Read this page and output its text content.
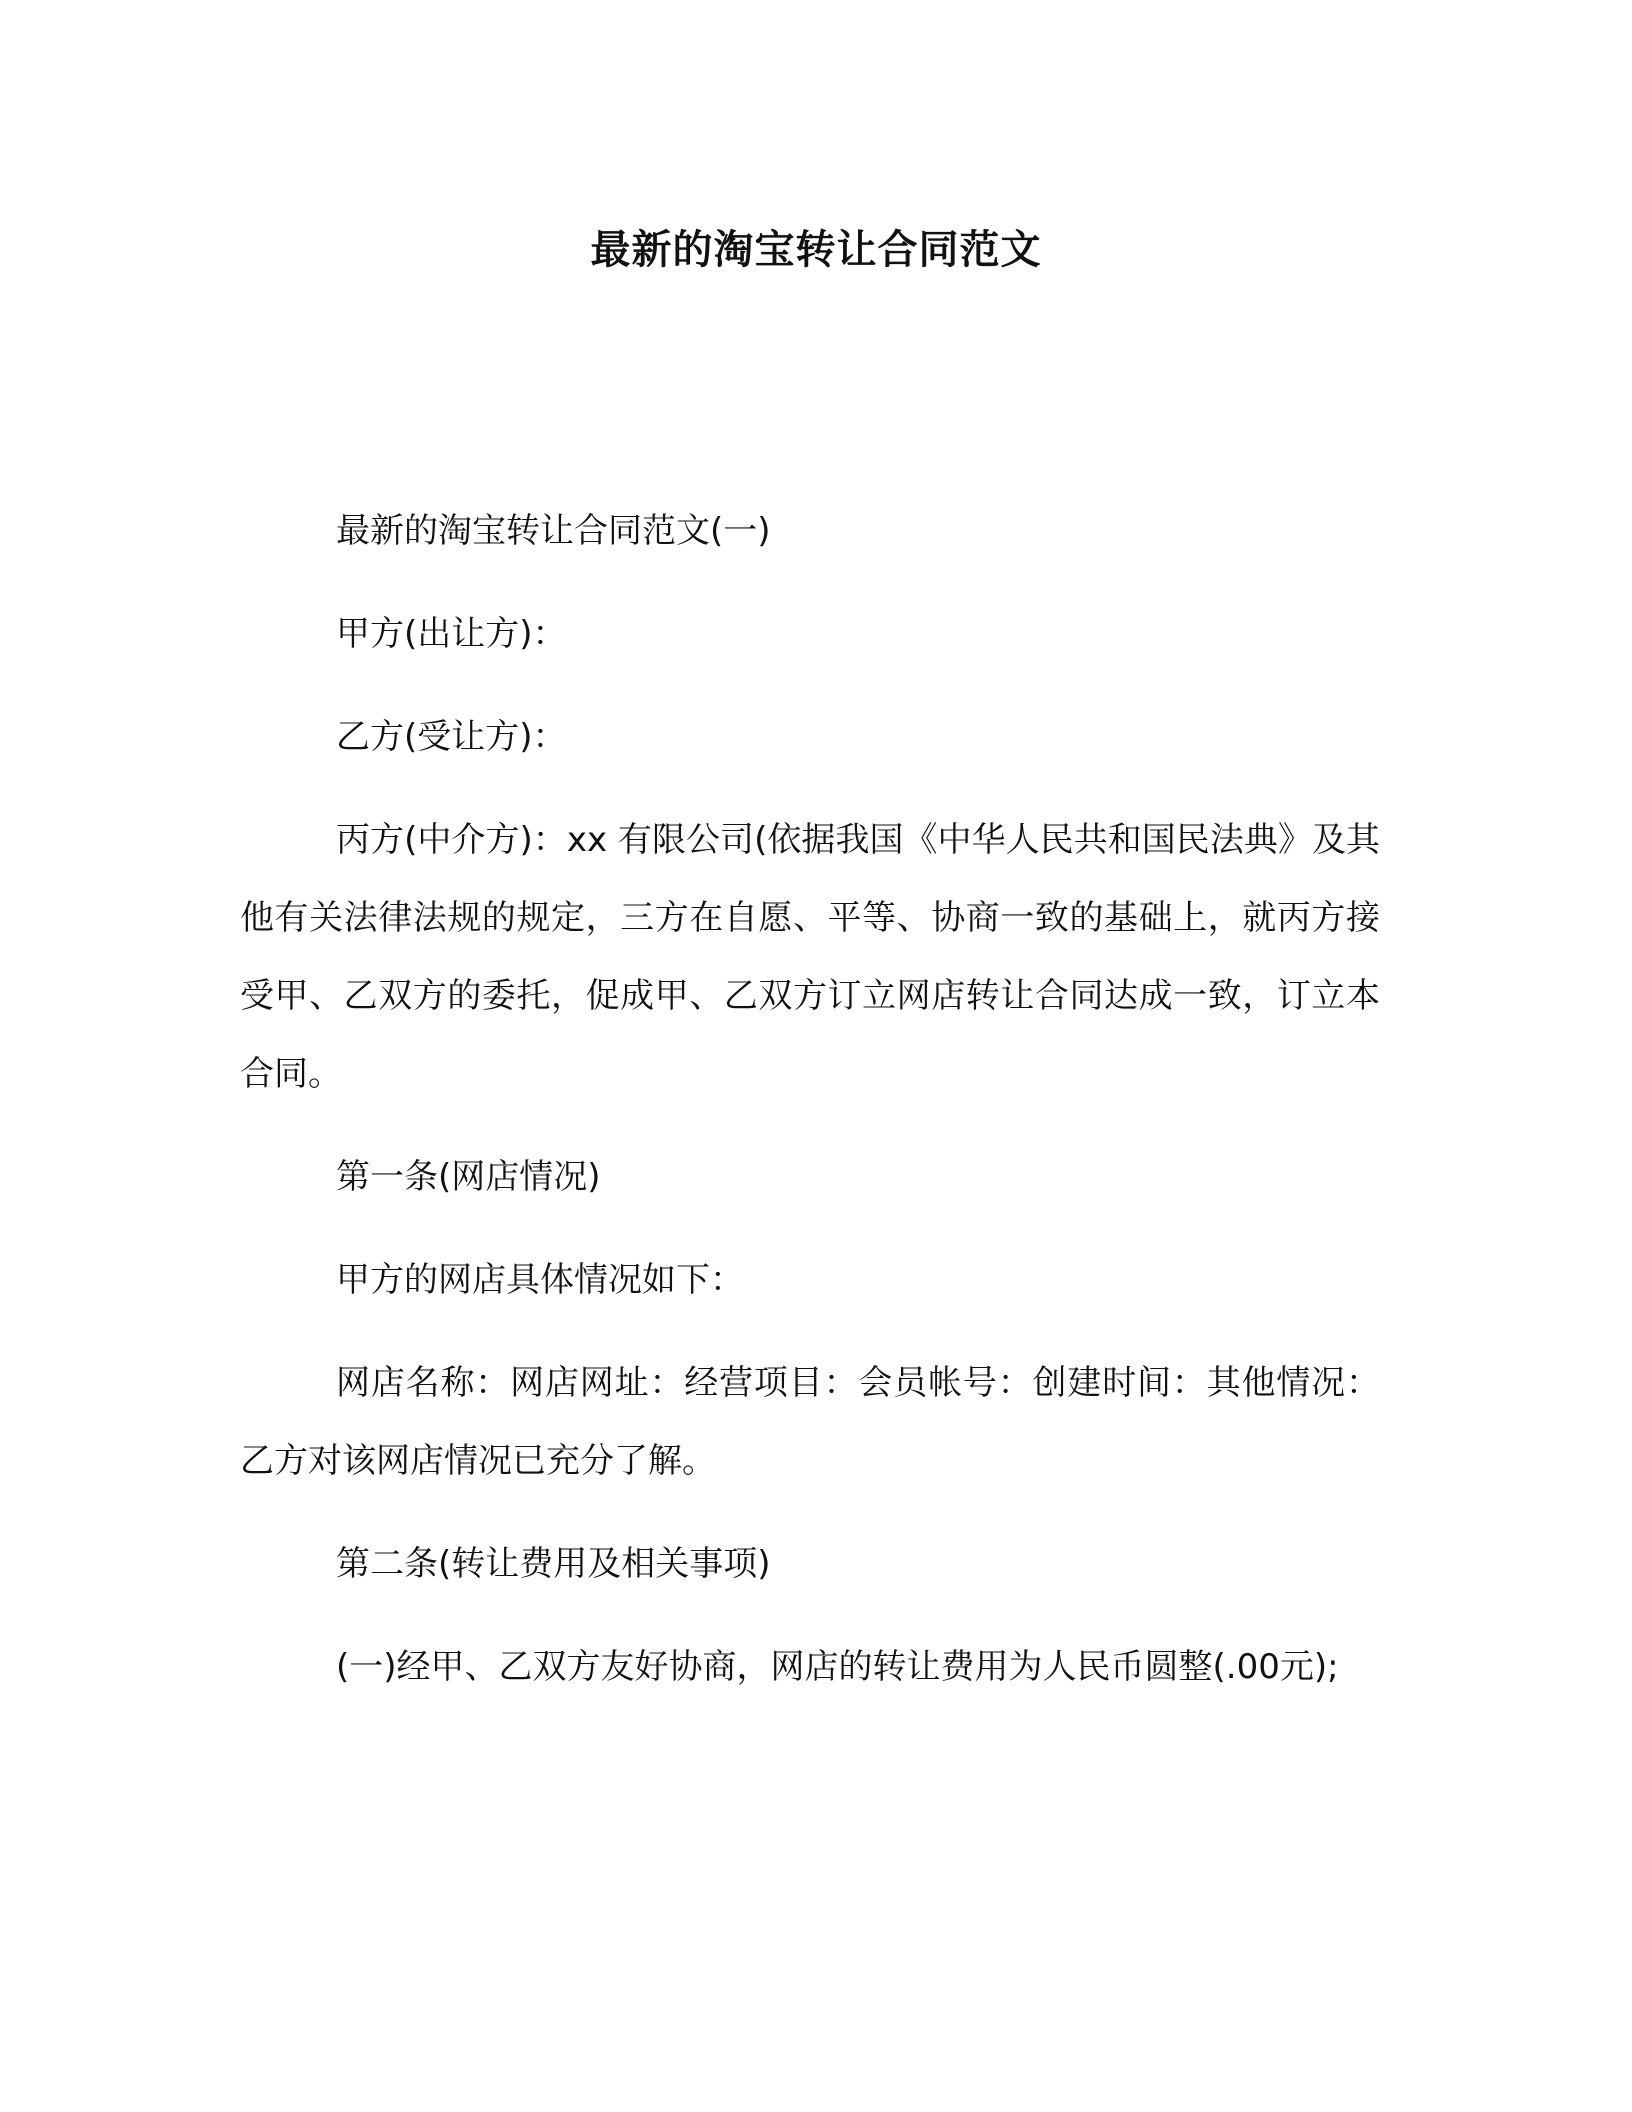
最新的淘宝转让合同范文

最新的淘宝转让合同范文(一)

甲方(出让方)：

乙方(受让方)：

丙方(中介方)：xx 有限公司(依据我国《中华人民共和国民法典》及其他有关法律法规的规定，三方在自愿、平等、协商一致的基础上，就丙方接受甲、乙双方的委托，促成甲、乙双方订立网店转让合同达成一致，订立本合同。

第一条(网店情况)

甲方的网店具体情况如下：

网店名称：网店网址：经营项目：会员帐号：创建时间：其他情况：乙方对该网店情况已充分了解。

第二条(转让费用及相关事项)

(一)经甲、乙双方友好协商，网店的转让费用为人民币圆整(.00元);
